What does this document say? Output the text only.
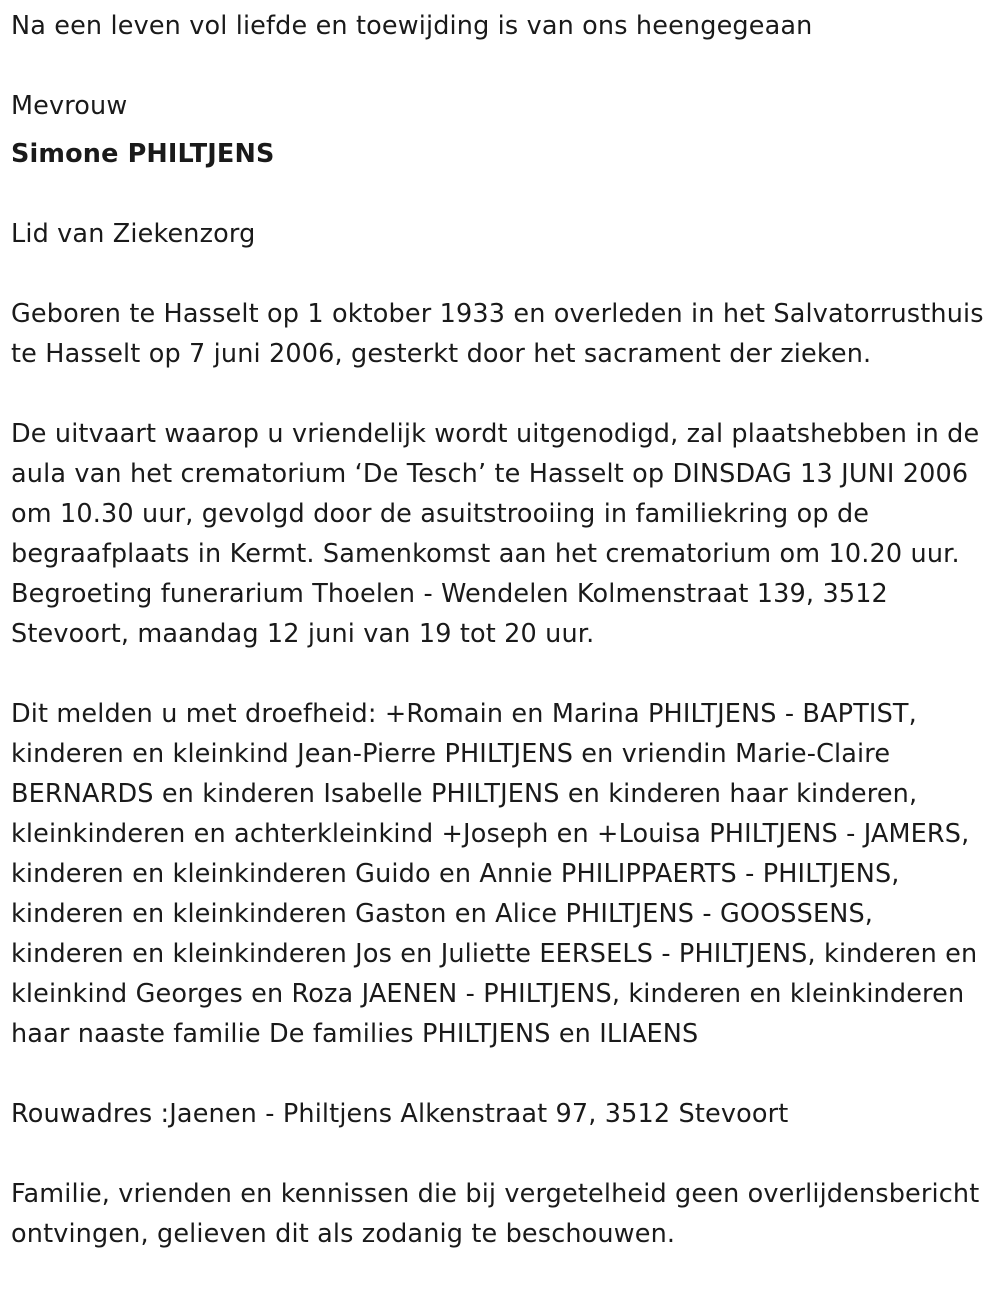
Na een leven vol liefde en toewijding is van ons heengegeaan

Mevrouw

Simone PHILTJENS

Lid van Ziekenzorg

Geboren te Hasselt op 1 oktober 1933 en overleden in het Salvatorrusthuis te Hasselt op 7 juni 2006, gesterkt door het sacrament der zieken.

De uitvaart waarop u vriendelijk wordt uitgenodigd, zal plaatshebben in de aula van het crematorium ‘De Tesch’ te Hasselt op DINSDAG 13 JUNI 2006 om 10.30 uur, gevolgd door de asuitstrooiing in familiekring op de begraafplaats in Kermt. Samenkomst aan het crematorium om 10.20 uur. Begroeting funerarium Thoelen - Wendelen Kolmenstraat 139, 3512 Stevoort, maandag 12 juni van 19 tot 20 uur.

Dit melden u met droefheid: +Romain en Marina PHILTJENS - BAPTIST, kinderen en kleinkind Jean-Pierre PHILTJENS en vriendin Marie-Claire BERNARDS en kinderen Isabelle PHILTJENS en kinderen haar kinderen, kleinkinderen en achterkleinkind +Joseph en +Louisa PHILTJENS - JAMERS, kinderen en kleinkinderen Guido en Annie PHILIPPAERTS - PHILTJENS, kinderen en kleinkinderen Gaston en Alice PHILTJENS - GOOSSENS, kinderen en kleinkinderen Jos en Juliette EERSELS - PHILTJENS, kinderen en kleinkind Georges en Roza JAENEN - PHILTJENS, kinderen en kleinkinderen haar naaste familie De families PHILTJENS en ILIAENS

Rouwadres :Jaenen - Philtjens Alkenstraat 97, 3512 Stevoort

Familie, vrienden en kennissen die bij vergetelheid geen overlijdensbericht ontvingen, gelieven dit als zodanig te beschouwen.
